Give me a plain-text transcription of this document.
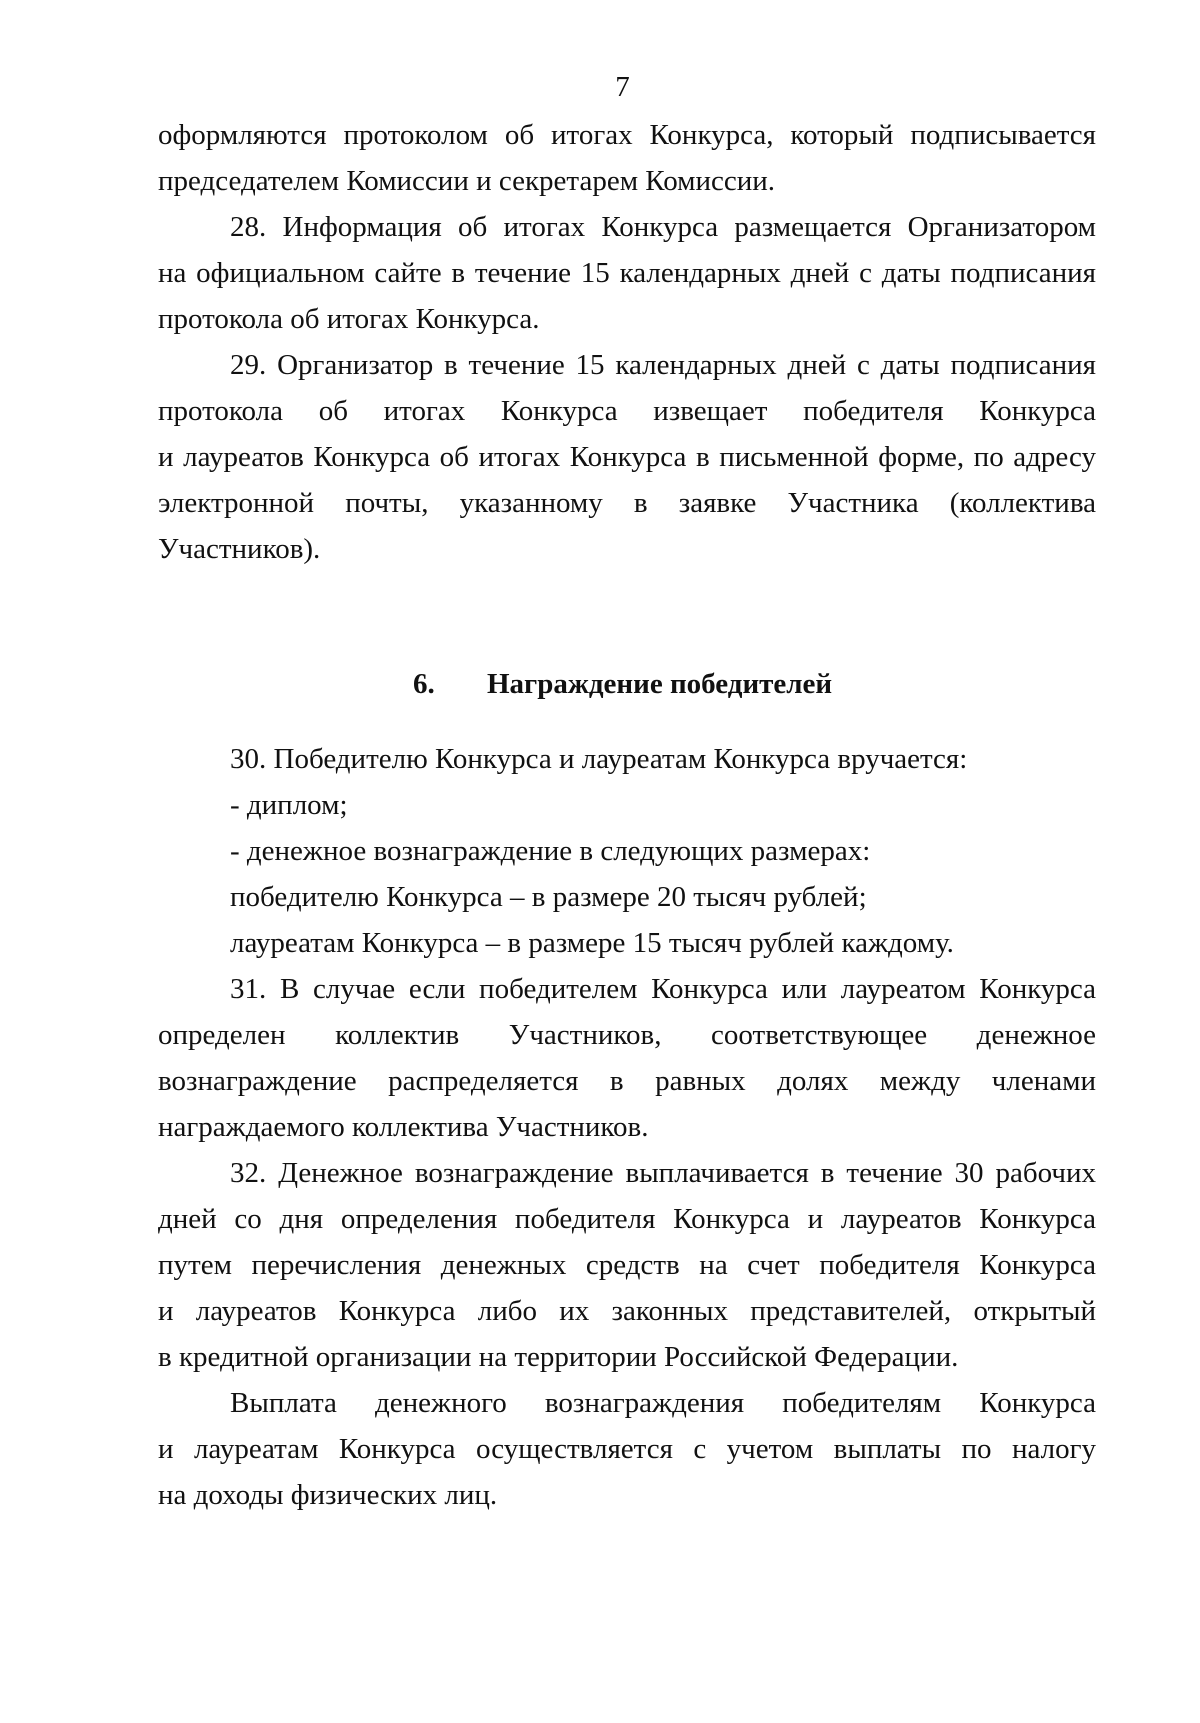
7
оформляются протоколом об итогах Конкурса, который подписывается
председателем Комиссии и секретарем Комиссии.
28. Информация об итогах Конкурса размещается Организатором
на официальном сайте в течение 15 календарных дней с даты подписания
протокола об итогах Конкурса.
29. Организатор в течение 15 календарных дней с даты подписания
протокола об итогах Конкурса извещает победителя Конкурса
и лауреатов Конкурса об итогах Конкурса в письменной форме, по адресу
электронной почты, указанному в заявке Участника (коллектива
Участников).
6. Награждение победителей
30. Победителю Конкурса и лауреатам Конкурса вручается:
- диплом;
- денежное вознаграждение в следующих размерах:
победителю Конкурса – в размере 20 тысяч рублей;
лауреатам Конкурса – в размере 15 тысяч рублей каждому.
31. В случае если победителем Конкурса или лауреатом Конкурса
определен коллектив Участников, соответствующее денежное
вознаграждение распределяется в равных долях между членами
награждаемого коллектива Участников.
32. Денежное вознаграждение выплачивается в течение 30 рабочих
дней со дня определения победителя Конкурса и лауреатов Конкурса
путем перечисления денежных средств на счет победителя Конкурса
и лауреатов Конкурса либо их законных представителей, открытый
в кредитной организации на территории Российской Федерации.
Выплата денежного вознаграждения победителям Конкурса
и лауреатам Конкурса осуществляется с учетом выплаты по налогу
на доходы физических лиц.
